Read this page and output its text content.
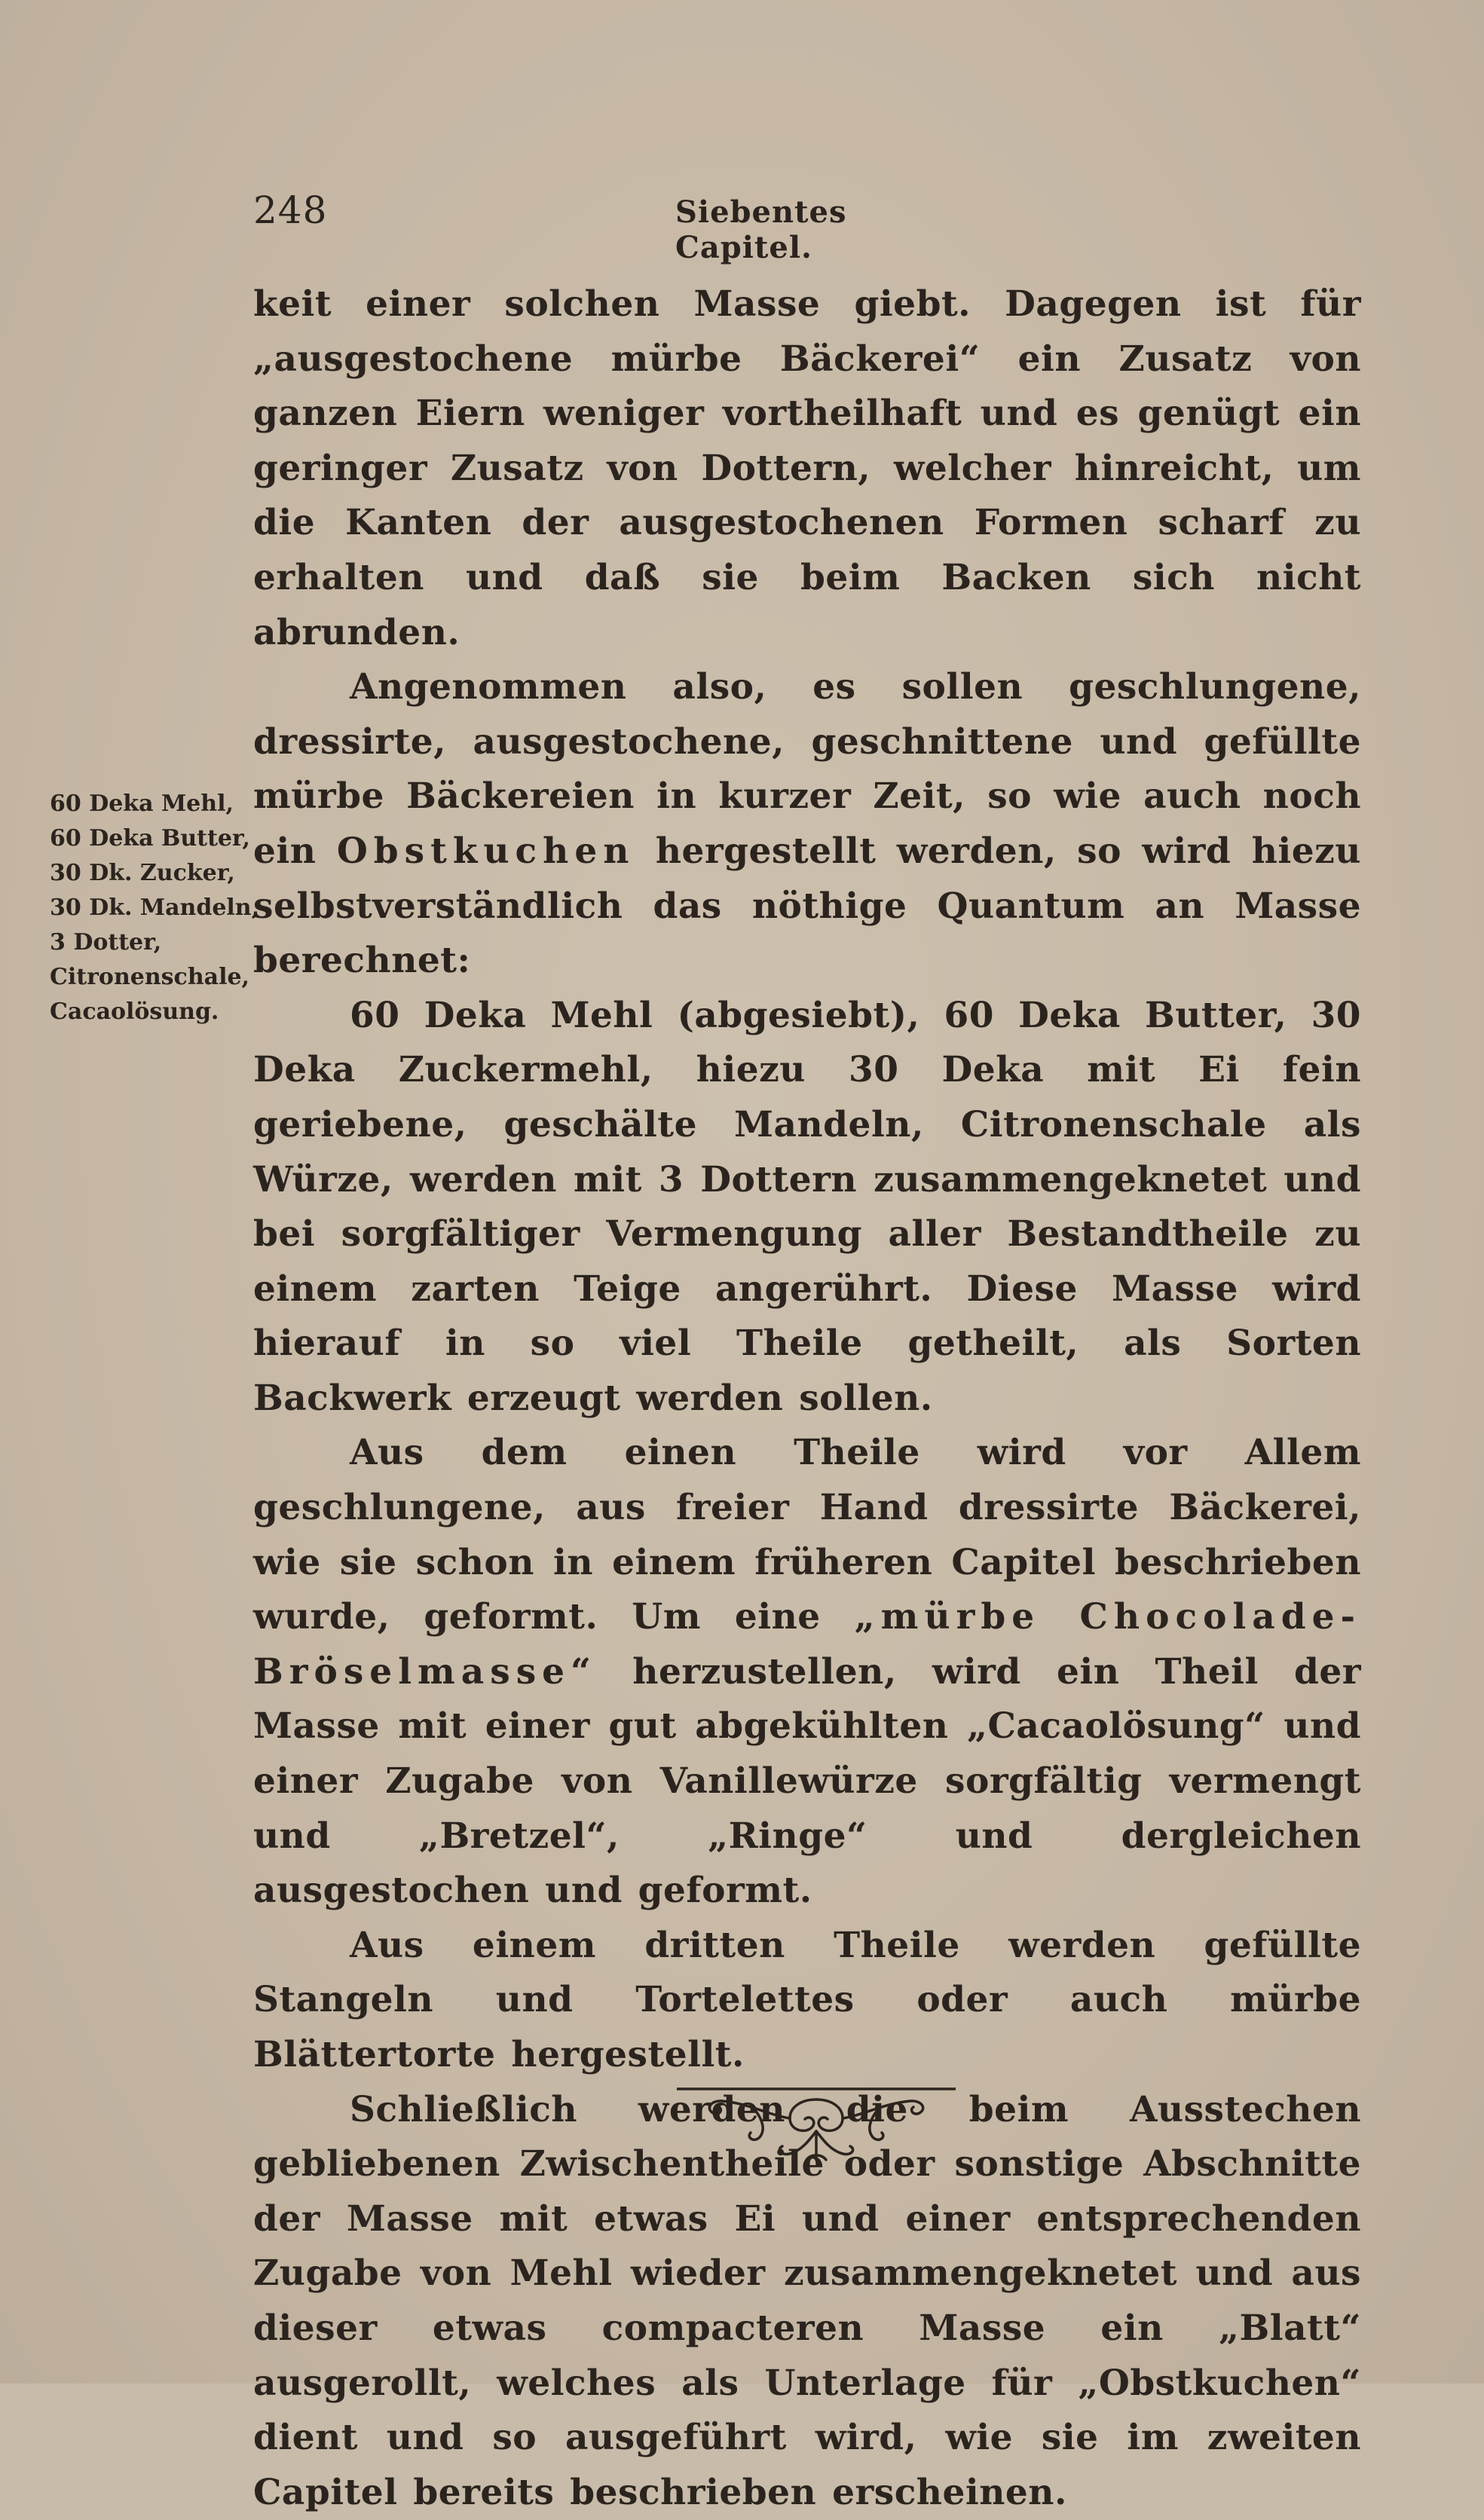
248	Siebentes Capitel.
60 Deka Mehl,
60 Deka Butter,
30 Dk. Zucker,
30 Dk. Mandeln,
3 Dotter,
Citronenschale,
Cacaolösung.

keit einer solchen Masse giebt. Dagegen ist für „ausgestochene mürbe Bäckerei“ ein Zusatz von ganzen Eiern weniger vortheilhaft und es genügt ein geringer Zusatz von Dottern, welcher hinreicht, um die Kanten der ausgestochenen Formen scharf zu erhalten und daß sie beim Backen sich nicht abrunden.

Angenommen also, es sollen geschlungene, dressirte, ausgestochene, geschnittene und gefüllte mürbe Bäckereien in kurzer Zeit, so wie auch noch ein Obstkuchen hergestellt werden, so wird hiezu selbstverständlich das nöthige Quantum an Masse berechnet:

60 Deka Mehl (abgesiebt), 60 Deka Butter, 30 Deka Zuckermehl, hiezu 30 Deka mit Ei fein geriebene, geschälte Mandeln, Citronenschale als Würze, werden mit 3 Dottern zusammengeknetet und bei sorgfältiger Vermengung aller Bestandtheile zu einem zarten Teige angerührt. Diese Masse wird hierauf in so viel Theile getheilt, als Sorten Backwerk erzeugt werden sollen.

Aus dem einen Theile wird vor Allem geschlungene, aus freier Hand dressirte Bäckerei, wie sie schon in einem früheren Capitel beschrieben wurde, geformt. Um eine „mürbe Chocolade-Bröselmasse“ herzustellen, wird ein Theil der Masse mit einer gut abgekühlten „Cacaolösung“ und einer Zugabe von Vanillewürze sorgfältig vermengt und „Bretzel“, „Ringe“ und dergleichen ausgestochen und geformt.

Aus einem dritten Theile werden gefüllte Stangeln und Tortelettes oder auch mürbe Blättertorte hergestellt.

Schließlich werden die beim Ausstechen gebliebenen Zwischentheile oder sonstige Abschnitte der Masse mit etwas Ei und einer entsprechenden Zugabe von Mehl wieder zusammengeknetet und aus dieser etwas compacteren Masse ein „Blatt“ ausgerollt, welches als Unterlage für „Obstkuchen“ dient und so ausgeführt wird, wie sie im zweiten Capitel bereits beschrieben erscheinen.
